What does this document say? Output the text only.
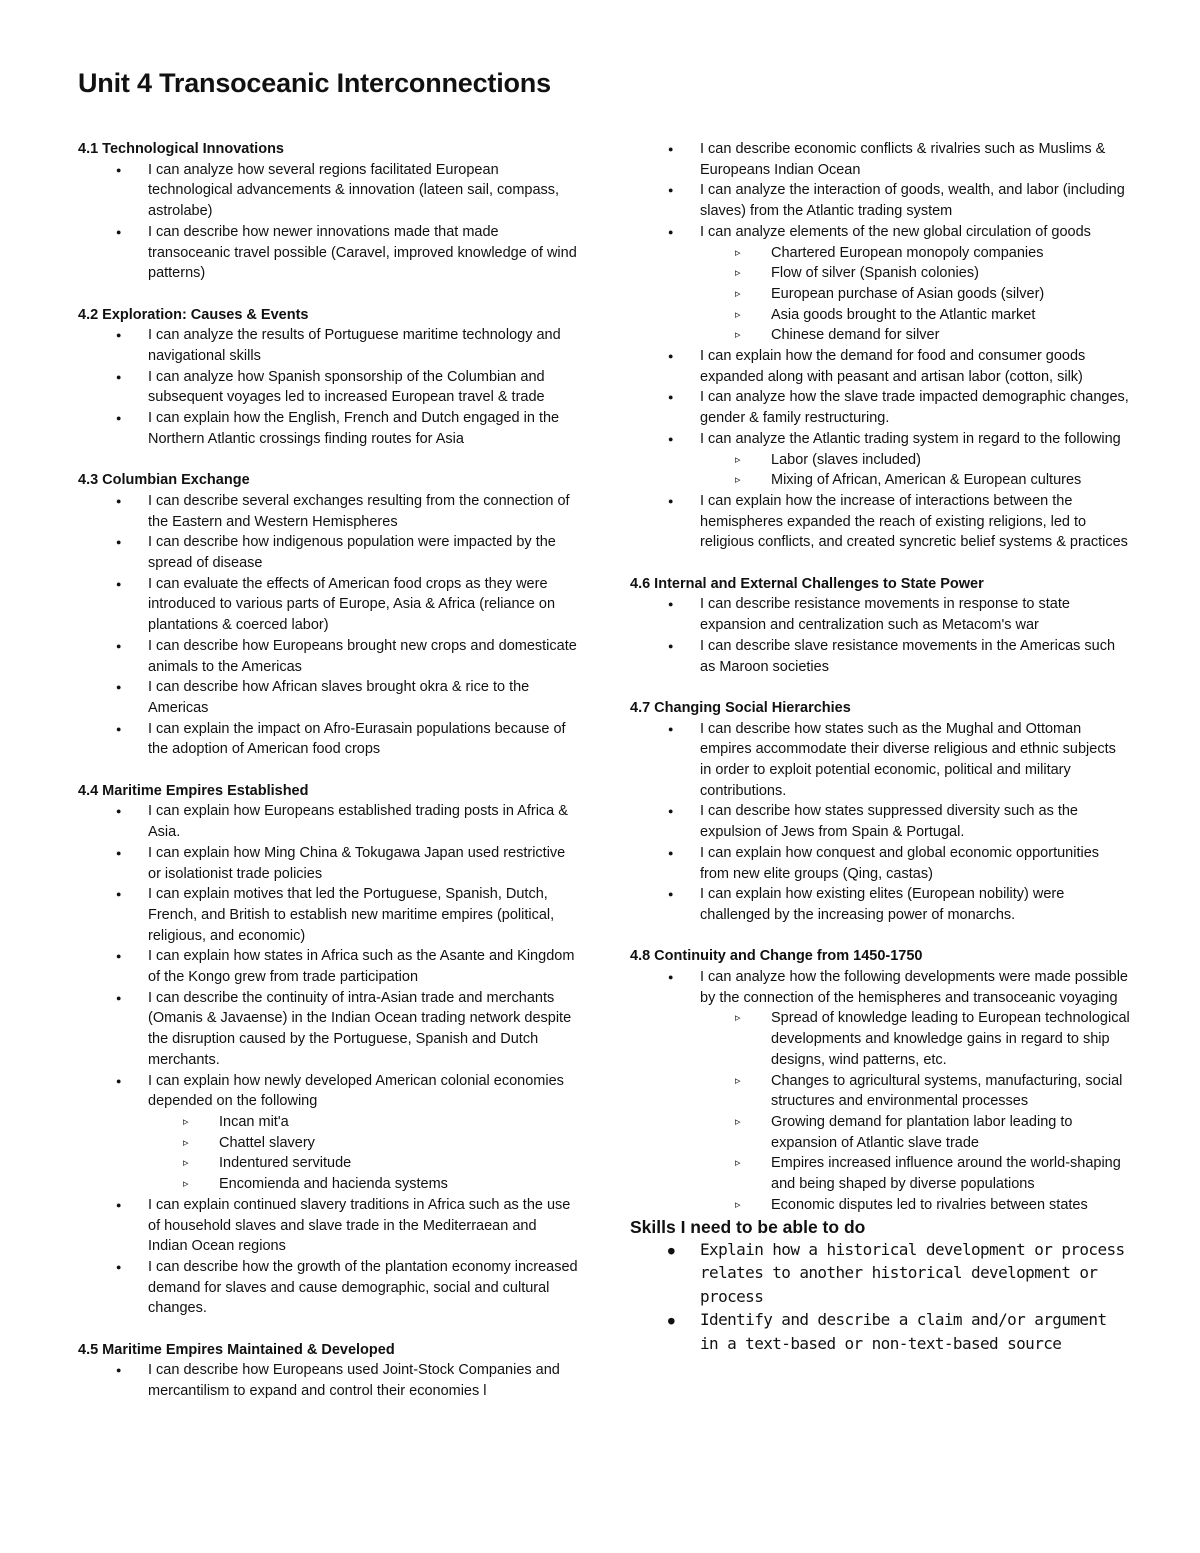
Unit 4 Transoceanic Interconnections

4.1 Technological Innovations

● I can analyze how several regions facilitated European technological advancements & innovation (lateen sail, compass, astrolabe)
● I can describe how newer innovations made that made transoceanic travel possible (Caravel, improved knowledge of wind patterns)

4.2 Exploration: Causes & Events

● I can analyze the results of Portuguese maritime technology and navigational skills
● I can analyze how Spanish sponsorship of the Columbian and subsequent voyages led to increased European travel & trade
● I can explain how the English, French and Dutch engaged in the Northern Atlantic crossings finding routes for Asia

4.3 Columbian Exchange

● I can describe several exchanges resulting from the connection of the Eastern and Western Hemispheres
● I can describe how indigenous population were impacted by the spread of disease
● I can evaluate the effects of American food crops as they were introduced to various parts of Europe, Asia & Africa (reliance on plantations & coerced labor)
● I can describe how Europeans brought new crops and domesticate animals to the Americas
● I can describe how African slaves brought okra & rice to the Americas
● I can explain the impact on Afro-Eurasain populations because of the adoption of American food crops

4.4 Maritime Empires Established

● I can explain how Europeans established trading posts in Africa & Asia.
● I can explain how Ming China & Tokugawa Japan used restrictive or isolationist trade policies
● I can explain motives that led the Portuguese, Spanish, Dutch, French, and British to establish new maritime empires (political, religious, and economic)
● I can explain how states in Africa such as the Asante and Kingdom of the Kongo grew from trade participation
● I can describe the continuity of intra-Asian trade and merchants (Omanis & Javaense) in the Indian Ocean trading network despite the disruption caused by the Portuguese, Spanish and Dutch merchants.
● I can explain how newly developed American colonial economies depended on the following
▹ Incan mit'a
▹ Chattel slavery
▹ Indentured servitude
▹ Encomienda and hacienda systems
● I can explain continued slavery traditions in Africa such as the use of household slaves and slave trade in the Mediterraean and Indian Ocean regions
● I can describe how the growth of the plantation economy increased demand for slaves and cause demographic, social and cultural changes.

4.5 Maritime Empires Maintained & Developed

● I can describe how Europeans used Joint-Stock Companies and mercantilism to expand and control their economies l
● I can describe economic conflicts & rivalries such as Muslims & Europeans Indian Ocean
● I can analyze the interaction of goods, wealth, and labor (including slaves) from the Atlantic trading system
● I can analyze elements of the new global circulation of goods
▹ Chartered European monopoly companies
▹ Flow of silver (Spanish colonies)
▹ European purchase of Asian goods (silver)
▹ Asia goods brought to the Atlantic market
▹ Chinese demand for silver
● I can explain how the demand for food and consumer goods expanded along with peasant and artisan labor (cotton, silk)
● I can analyze how the slave trade impacted demographic changes, gender & family restructuring.
● I can analyze the Atlantic trading system in regard to the following
▹ Labor (slaves included)
▹ Mixing of African, American & European cultures
● I can explain how the increase of interactions between the hemispheres expanded the reach of existing religions, led to religious conflicts, and created syncretic belief systems & practices

4.6 Internal and External Challenges to State Power

● I can describe resistance movements in response to state expansion and centralization such as Metacom's war
● I can describe slave resistance movements in the Americas such as Maroon societies

4.7 Changing Social Hierarchies

● I can describe how states such as the Mughal and Ottoman empires accommodate their diverse religious and ethnic subjects in order to exploit potential economic, political and military contributions.
● I can describe how states suppressed diversity such as the expulsion of Jews from Spain & Portugal.
● I can explain how conquest and global economic opportunities from new elite groups (Qing, castas)
● I can explain how existing elites (European nobility) were challenged by the increasing power of monarchs.

4.8 Continuity and Change from 1450-1750

● I can analyze how the following developments were made possible by the connection of the hemispheres and transoceanic voyaging
▹ Spread of knowledge leading to European technological developments and knowledge gains in regard to ship designs, wind patterns, etc.
▹ Changes to agricultural systems, manufacturing, social structures and environmental processes
▹ Growing demand for plantation labor leading to expansion of Atlantic slave trade
▹ Empires increased influence around the world-shaping and being shaped by diverse populations
▹ Economic disputes led to rivalries between states

Skills I need to be able to do

● Explain how a historical development or process relates to another historical development or process
● Identify and describe a claim and/or argument in a text-based or non-text-based source
